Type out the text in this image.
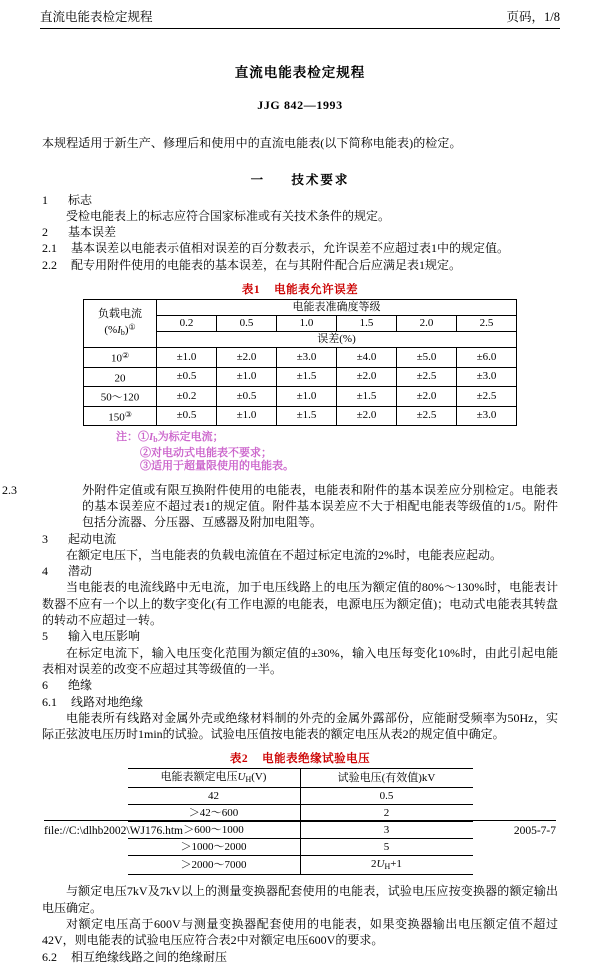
直流电能表检定规程	页码，1/8
直流电能表检定规程
JJG 842—1993

本规程适用于新生产、修理后和使用中的直流电能表(以下简称电能表)的检定。

一 技术要求

1 标志

受检电能表上的标志应符合国家标准或有关技术条件的规定。

2 基本误差

2.1 基本误差以电能表示值相对误差的百分数表示，允许误差不应超过表1中的规定值。

2.2 配专用附件使用的电能表的基本误差，在与其附件配合后应满足表1规定。

表1 电能表允许误差
负载电流
$(\%I_b)^①$	电能表准确度等级					
	0.2	0.5	1.0	1.5	2.0	2.5
	误差(%)					
10②	±1.0	±2.0	±3.0	±4.0	±5.0	±6.0
20	±0.5	±1.0	±1.5	±2.0	±2.5	±3.0
50～120	±0.2	±0.5	±1.0	±1.5	±2.0	±2.5
150③	±0.5	±1.0	±1.5	±2.0	±2.5	±3.0
注：$①I_b$为标定电流；
②对电动式电能表不要求；
③适用于超量限使用的电能表。

2.3	外附件定值或有限互换附件使用的电能表，电能表和附件的基本误差应分别检定。电能表的基本误差应不超过表1的规定值。附件基本误差应不大于相配电能表等级值的1/5。附件包括分流器、分压器、互感器及附加电阻等。

3 起动电流

在额定电压下，当电能表的负载电流值在不超过标定电流的2%时，电能表应起动。

4 潜动

当电能表的电流线路中无电流，加于电压线路上的电压为额定值的80%～130%时，电能表计数器不应有一个以上的数字变化(有工作电源的电能表，电源电压为额定值)；电动式电能表其转盘的转动不应超过一转。

5 输入电压影响

在标定电流下，输入电压变化范围为额定值的±30%，输入电压每变化10%时，由此引起电能表相对误差的改变不应超过其等级值的一半。

6 绝缘

6.1 线路对地绝缘

电能表所有线路对金属外壳或绝缘材料制的外壳的金属外露部份，应能耐受频率为50Hz，实际正弦波电压历时1min的试验。试验电压值按电能表的额定电压从表2的规定值中确定。

表2 电能表绝缘试验电压
电能表额定电压$U_H(V)$	试验电压(有效值)kV
42	0.5
＞42～600	2
＞600～1000	3
＞1000～2000	5
＞2000～7000	$2U_H+1$

与额定电压7kV及7kV以上的测量变换器配套使用的电能表，试验电压应按变换器的额定输出电压确定。

对额定电压高于600V与测量变换器配套使用的电能表，如果变换器输出电压额定值不超过42V，则电能表的试验电压应符合表2中对额定电压600V的要求。

6.2 相互绝缘线路之间的绝缘耐压

file://C:\dlhb2002\WJ176.htm	2005-7-7
